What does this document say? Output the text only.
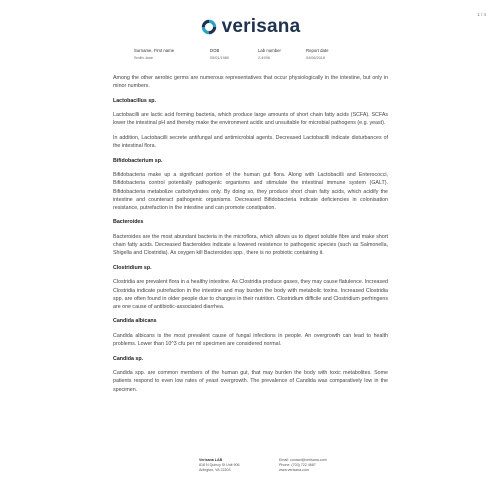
1 / 4
verisana
Surname, First name	DOB	Lab number	Report date
Smith Jane	05/01/1980	2-4936	04/06/2018

Among the other aerobic germs are numerous representatives that occur physiologically in the intestine, but only in minor numbers.

Lactobacillus sp.

Lactobacilli are lactic acid forming bacteria, which produce large amounts of short chain fatty acids (SCFA). SCFAs lower the intestinal pH and thereby make the environment acidic and unsuitable for microbial pathogens (e.g. yeast).

In addition, Lactobacilli secrete antifungal and antimicrobial agents. Decreased Lactobacilli indicate disturbances of the intestinal flora.

Bifidobacterium sp.

Bifidobacteria make up a significant portion of the human gut flora. Along with Lactobacilli and Enterococci, Bifidobacteria control potentially pathogenic organisms and stimulate the intestinal immune system (GALT). Bifidobacteria metabolize carbohydrates only. By doing so, they produce short chain fatty acids, which acidify the intestine and counteract pathogenic organisms. Decreased Bifidobacteria indicate deficiencies in colonisation resistance, putrefaction in the intestine and can promote constipation.

Bacteroides

Bacteroides are the most abundant bacteria in the microflora, which allows us to digest soluble fibre and make short chain fatty acids. Decreased Bacteroides indicate a lowered resistence to pathogenic species (such as Salmonella, Shigella and Clostridia). As oxygen kill Bacteroides spp., there is no probiotic containing it.

Clostridium sp.

Clostridia are prevalent flora in a healthy intestine. As Clostridia produce gases, they may cause flatulence. Increased Clostridia indicate putrefaction in the intestine and may burden the body with metabolic toxins. Increased Clostridia spp. are often found in older people due to changes in their nutrition. Clostridium difficile and Clostridium perfringens are one cause of antibiotic-associated diarrhea.

Candida albicans

Candida albicans is the most prevalent cause of fungal infections in people. An overgrowth can lead to health problems. Lower than 10^3 cfu per ml specimen are considered normal.

Candida sp.

Candida spp. are common members of the human gut, that may burden the body with toxic metabolites. Some patients respond to even low rates of yeast overgrowth. The prevalence of Candida was comparatively low in the specimen.

Verisana LAB	Email: contact@verisana.com
818 N Quincy St Unit 906	Phone: (703) 722 4687
Arlington, VA 22203	www.verisana.com
